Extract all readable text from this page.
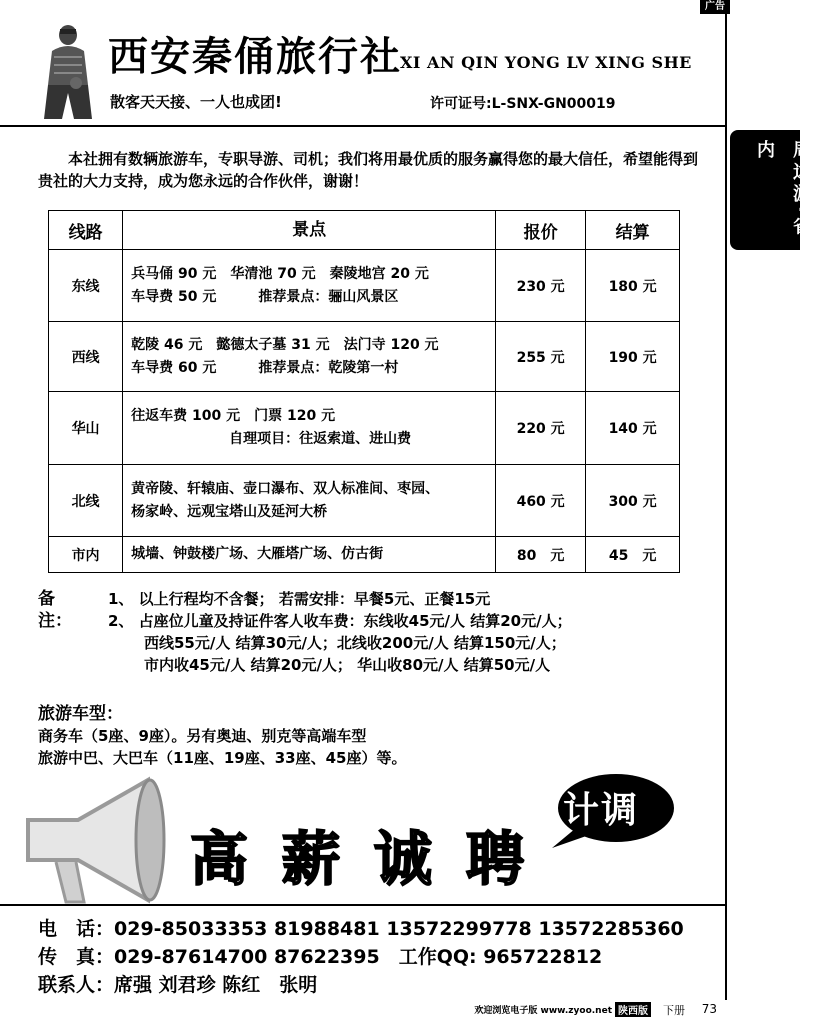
广告
西安秦俑旅行社
XI AN QIN YONG LV XING SHE
散客天天接、一人也成团!	许可证号:L-SNX-GN00019
周边游·省内
本社拥有数辆旅游车，专职导游、司机；我们将用最优质的服务赢得您的最大信任，希望能得到贵社的大力支持，成为您永远的合作伙伴，谢谢！
线路	景点	报价	结算
东线	兵马俑 90 元　华清池 70 元　秦陵地宫 20 元
车导费 50 元　　　推荐景点：骊山风景区	230 元	180 元
西线	乾陵 46 元　懿德太子墓 31 元　法门寺 120 元
车导费 60 元　　　推荐景点：乾陵第一村	255 元	190 元
华山	往返车费 100 元　门票 120 元
　　　　　　　自理项目：往返索道、进山费	220 元	140 元
北线	黄帝陵、轩辕庙、壶口瀑布、双人标准间、枣园、
杨家岭、远观宝塔山及延河大桥	460 元	300 元
市内	城墙、钟鼓楼广场、大雁塔广场、仿古街	80　元	45　元
备注：
1、 以上行程均不含餐； 若需安排：早餐5元、正餐15元
2、 占座位儿童及持证件客人收车费：东线收45元/人 结算20元/人；
西线55元/人 结算30元/人；北线收200元/人 结算150元/人；
市内收45元/人 结算20元/人； 华山收80元/人 结算50元/人
旅游车型：
商务车（5座、9座）。另有奥迪、别克等高端车型
旅游中巴、大巴车（11座、19座、33座、45座）等。
高薪诚聘
计调
电　话：029-85033353 81988481 13572299778 13572285360
传　真：029-87614700 87622395　工作QQ: 965722812
联系人：席强 刘君珍 陈红　张明
欢迎浏览电子版 www.zyoo.net 陕西版 下册 73
